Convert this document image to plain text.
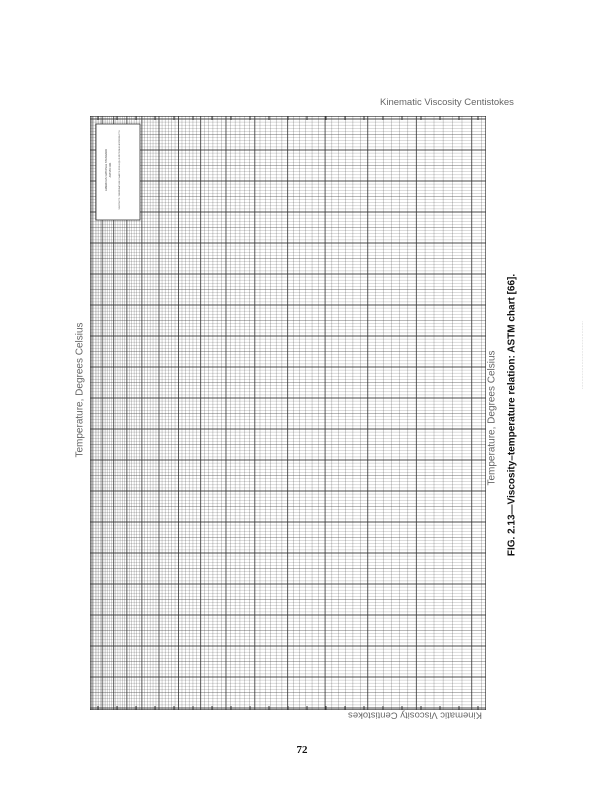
............................................
Kinematic Viscosity Centistokes
Temperature, Degrees Celsius
AMERICAN NATIONAL STANDARD ASTM D 341	VISCOSITY–TEMPERATURE CHARTS FOR LIQUID PETROLEUM PRODUCTS
Temperature, Degrees Celsius FIG. 2.13—Viscosity–temperature relation: ASTM chart [66].
Kinematic Viscosity Centistokes
72
